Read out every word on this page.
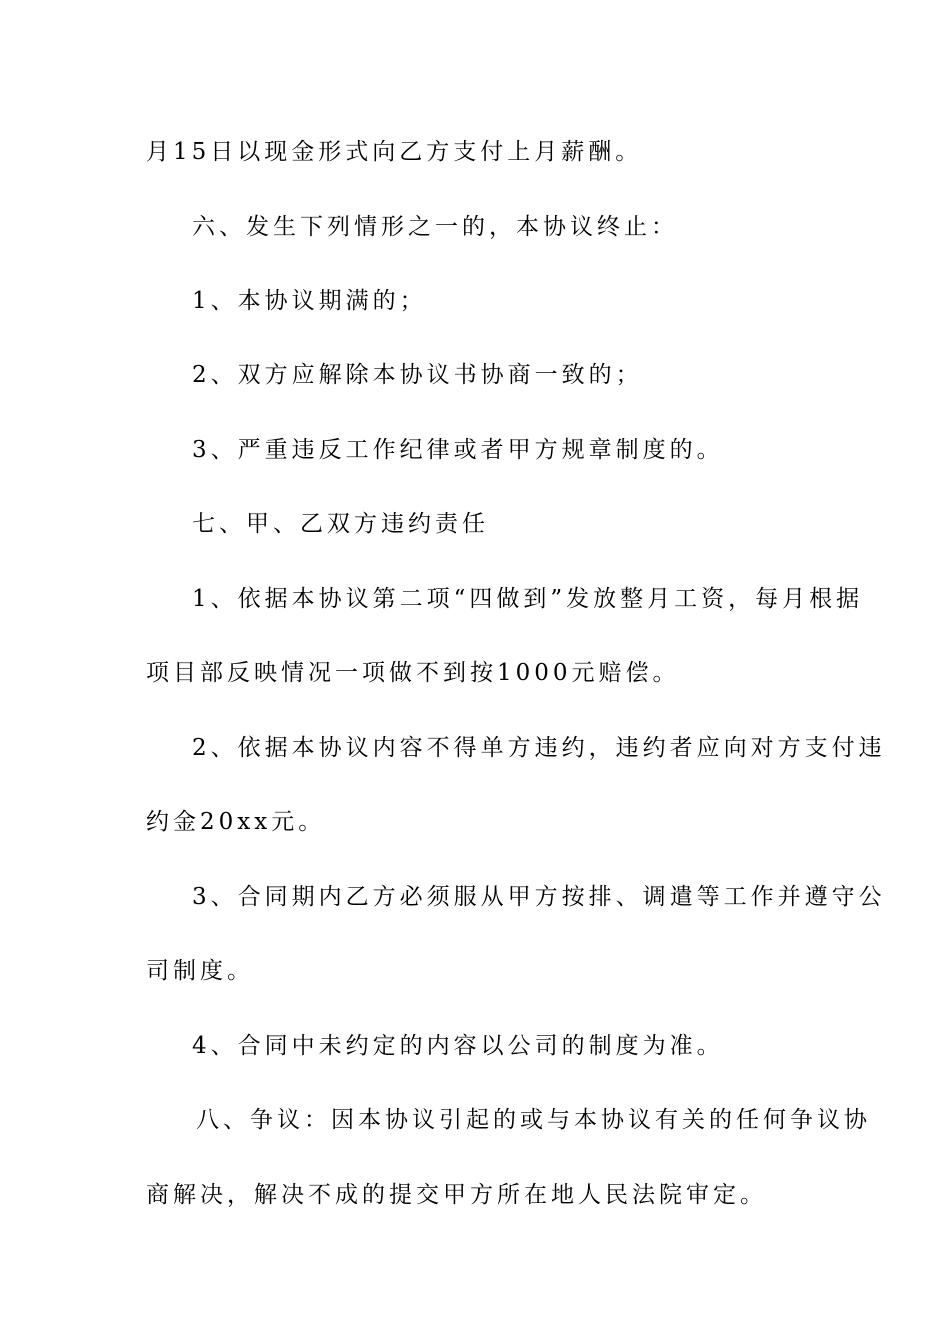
月15日以现金形式向乙方支付上月薪酬。
六、发生下列情形之一的，本协议终止：
1、本协议期满的；
2、双方应解除本协议书协商一致的；
3、严重违反工作纪律或者甲方规章制度的。
七、甲、乙双方违约责任
1、依据本协议第二项“四做到”发放整月工资，每月根据
项目部反映情况一项做不到按1000元赔偿。
2、依据本协议内容不得单方违约，违约者应向对方支付违
约金20xx元。
3、合同期内乙方必须服从甲方按排、调遣等工作并遵守公
司制度。
4、合同中未约定的内容以公司的制度为准。
八、争议：因本协议引起的或与本协议有关的任何争议协
商解决，解决不成的提交甲方所在地人民法院审定。
